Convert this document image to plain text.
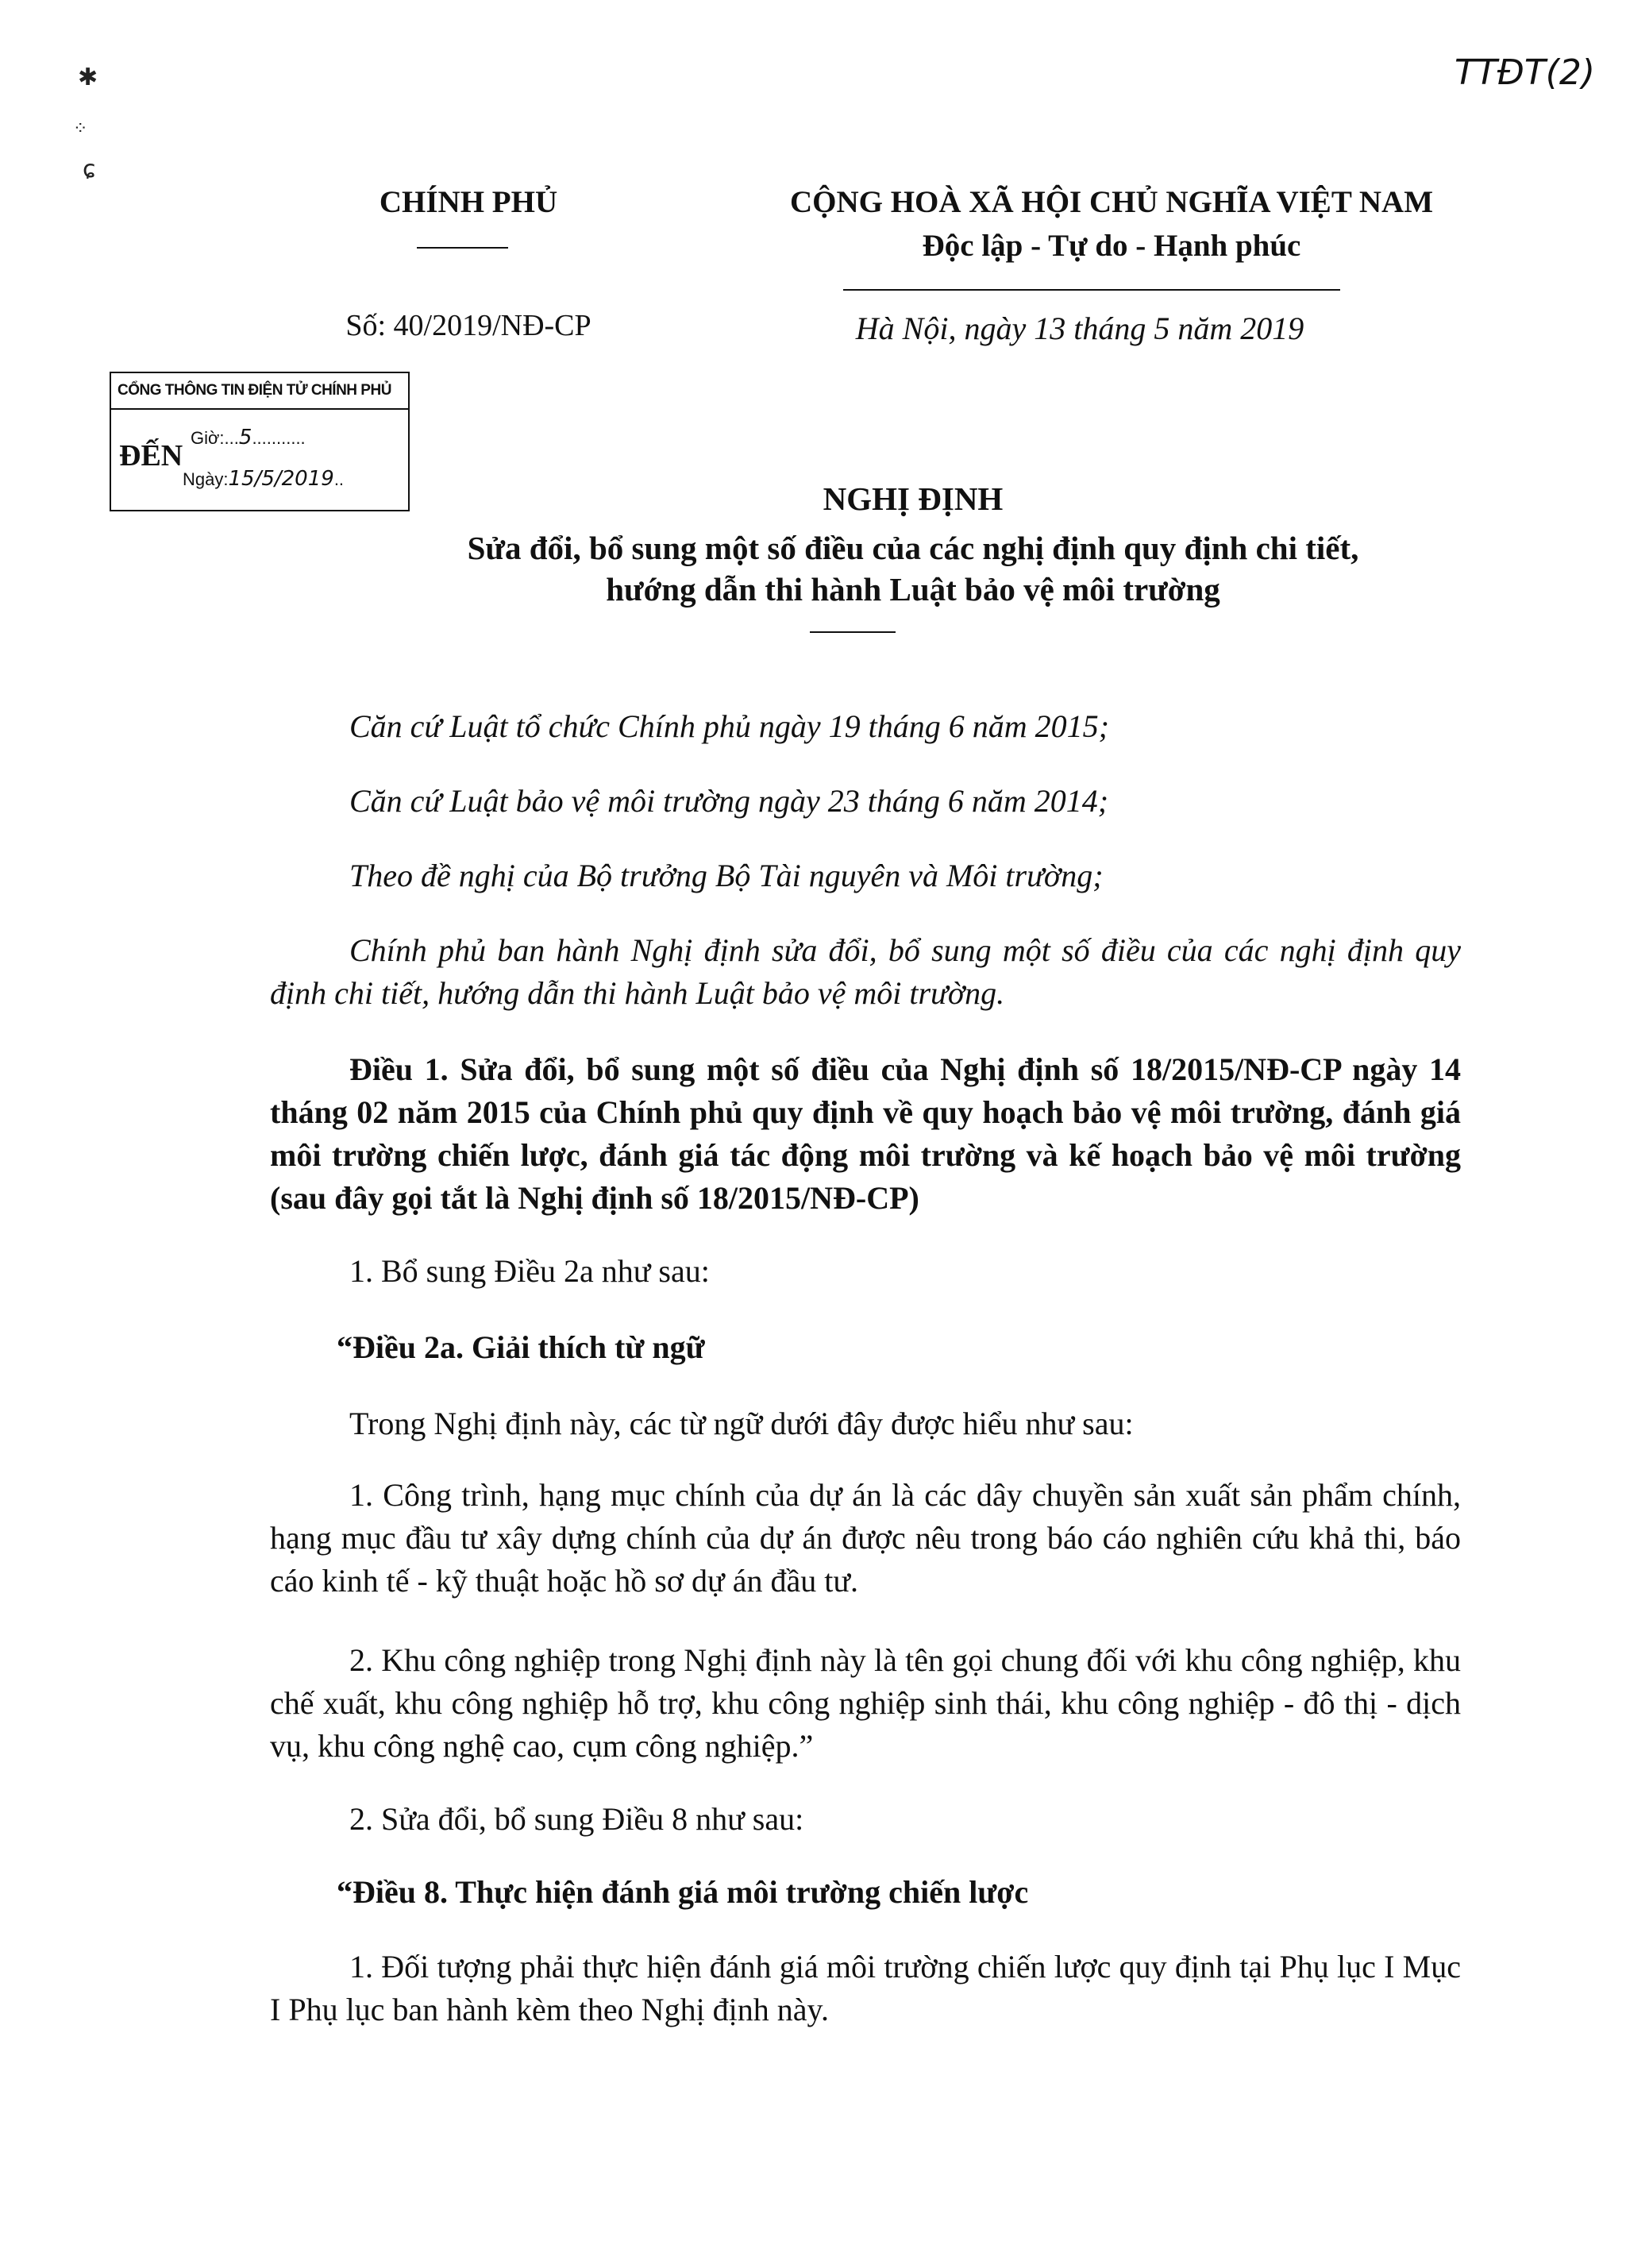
TTĐT(2)
✱
⁘
ɕ
CHÍNH PHỦ
Số: 40/2019/NĐ-CP
CỘNG HOÀ XÃ HỘI CHỦ NGHĨA VIỆT NAM
Độc lập - Tự do - Hạnh phúc
Hà Nội, ngày 13 tháng 5 năm 2019
CỔNG THÔNG TIN ĐIỆN TỬ CHÍNH PHỦ
ĐẾN
Giờ:...5...........
Ngày:15/5/2019..
NGHỊ ĐỊNH
Sửa đổi, bổ sung một số điều của các nghị định quy định chi tiết,
hướng dẫn thi hành Luật bảo vệ môi trường
Căn cứ Luật tổ chức Chính phủ ngày 19 tháng 6 năm 2015;
Căn cứ Luật bảo vệ môi trường ngày 23 tháng 6 năm 2014;
Theo đề nghị của Bộ trưởng Bộ Tài nguyên và Môi trường;
Chính phủ ban hành Nghị định sửa đổi, bổ sung một số điều của các nghị định quy định chi tiết, hướng dẫn thi hành Luật bảo vệ môi trường.
Điều 1. Sửa đổi, bổ sung một số điều của Nghị định số 18/2015/NĐ-CP ngày 14 tháng 02 năm 2015 của Chính phủ quy định về quy hoạch bảo vệ môi trường, đánh giá môi trường chiến lược, đánh giá tác động môi trường và kế hoạch bảo vệ môi trường (sau đây gọi tắt là Nghị định số 18/2015/NĐ-CP)
1. Bổ sung Điều 2a như sau:
“Điều 2a. Giải thích từ ngữ
Trong Nghị định này, các từ ngữ dưới đây được hiểu như sau:
1. Công trình, hạng mục chính của dự án là các dây chuyền sản xuất sản phẩm chính, hạng mục đầu tư xây dựng chính của dự án được nêu trong báo cáo nghiên cứu khả thi, báo cáo kinh tế - kỹ thuật hoặc hồ sơ dự án đầu tư.
2. Khu công nghiệp trong Nghị định này là tên gọi chung đối với khu công nghiệp, khu chế xuất, khu công nghiệp hỗ trợ, khu công nghiệp sinh thái, khu công nghiệp - đô thị - dịch vụ, khu công nghệ cao, cụm công nghiệp.”
2. Sửa đổi, bổ sung Điều 8 như sau:
“Điều 8. Thực hiện đánh giá môi trường chiến lược
1. Đối tượng phải thực hiện đánh giá môi trường chiến lược quy định tại Phụ lục I Mục I Phụ lục ban hành kèm theo Nghị định này.
